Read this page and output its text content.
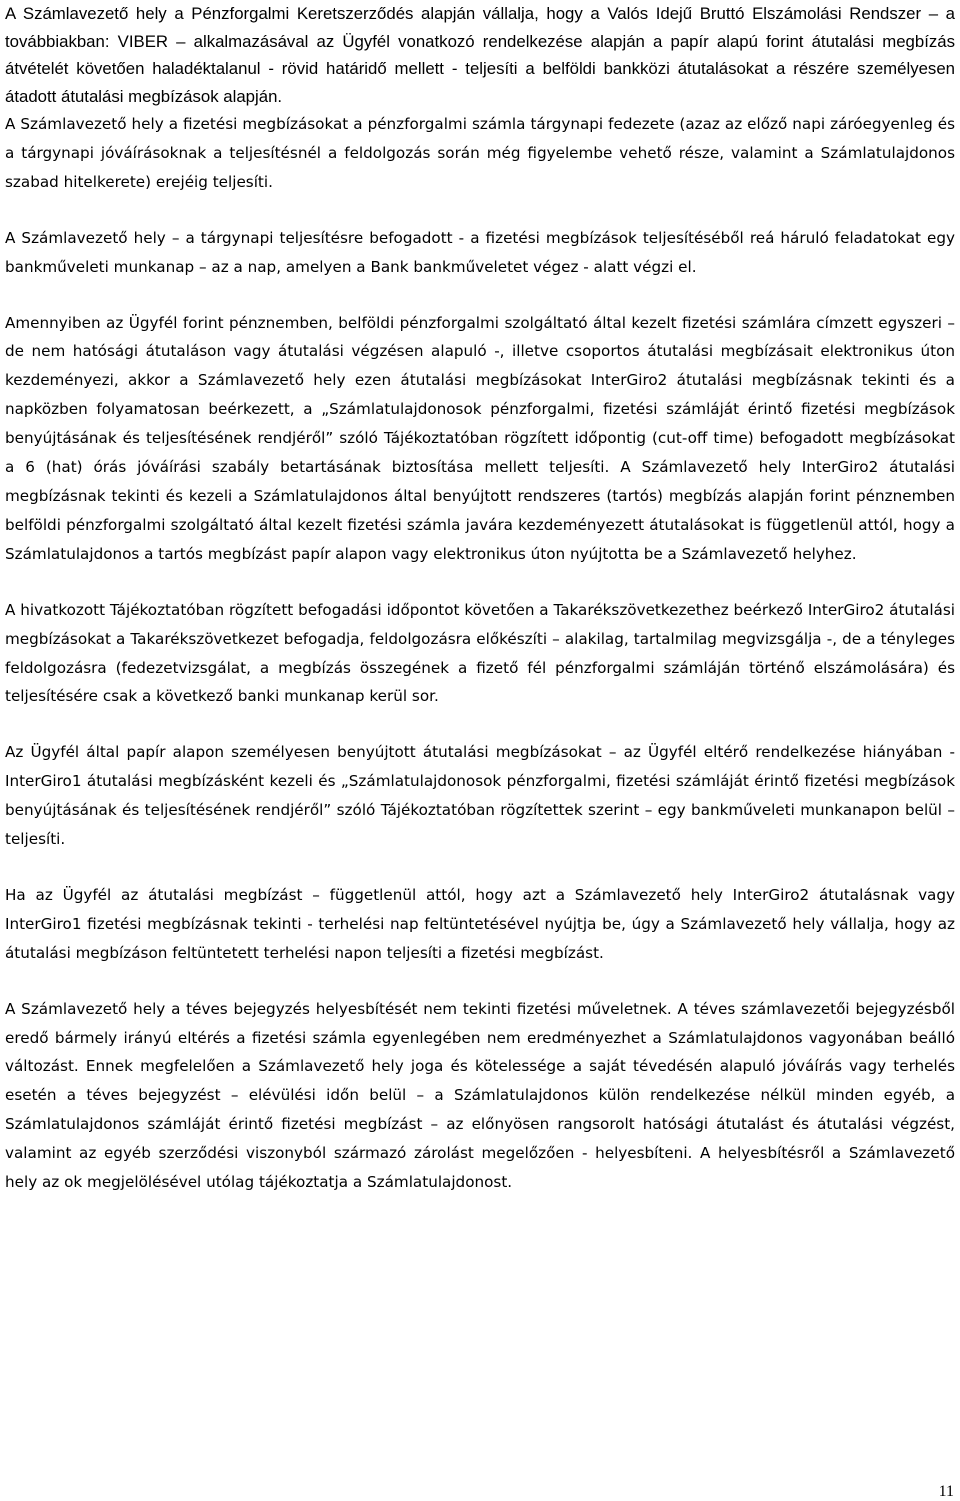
A Számlavezető hely a Pénzforgalmi Keretszerződés alapján vállalja, hogy a Valós Idejű Bruttó Elszámolási Rendszer – a továbbiakban: VIBER – alkalmazásával az Ügyfél vonatkozó rendelkezése alapján a papír alapú forint átutalási megbízás átvételét követően haladéktalanul - rövid határidő mellett - teljesíti a belföldi bankközi átutalásokat a részére személyesen átadott átutalási megbízások alapján.

A Számlavezető hely a fizetési megbízásokat a pénzforgalmi számla tárgynapi fedezete (azaz az előző napi záróegyenleg és a tárgynapi jóváírásoknak a teljesítésnél a feldolgozás során még figyelembe vehető része, valamint a Számlatulajdonos szabad hitelkerete) erejéig teljesíti.

A Számlavezető hely – a tárgynapi teljesítésre befogadott - a fizetési megbízások teljesítéséből reá háruló feladatokat egy bankműveleti munkanap – az a nap, amelyen a Bank bankműveletet végez - alatt végzi el.

Amennyiben az Ügyfél forint pénznemben, belföldi pénzforgalmi szolgáltató által kezelt fizetési számlára címzett egyszeri – de nem hatósági átutaláson vagy átutalási végzésen alapuló -, illetve csoportos átutalási megbízásait elektronikus úton kezdeményezi, akkor a Számlavezető hely ezen átutalási megbízásokat InterGiro2 átutalási megbízásnak tekinti és a napközben folyamatosan beérkezett, a „Számlatulajdonosok pénzforgalmi, fizetési számláját érintő fizetési megbízások benyújtásának és teljesítésének rendjéről” szóló Tájékoztatóban rögzített időpontig (cut-off time) befogadott megbízásokat a 6 (hat) órás jóváírási szabály betartásának biztosítása mellett teljesíti. A Számlavezető hely InterGiro2 átutalási megbízásnak tekinti és kezeli a Számlatulajdonos által benyújtott rendszeres (tartós) megbízás alapján forint pénznemben belföldi pénzforgalmi szolgáltató által kezelt fizetési számla javára kezdeményezett átutalásokat is függetlenül attól, hogy a Számlatulajdonos a tartós megbízást papír alapon vagy elektronikus úton nyújtotta be a Számlavezető helyhez.

A hivatkozott Tájékoztatóban rögzített befogadási időpontot követően a Takarékszövetkezethez beérkező InterGiro2 átutalási megbízásokat a Takarékszövetkezet befogadja, feldolgozásra előkészíti – alakilag, tartalmilag megvizsgálja -, de a tényleges feldolgozásra (fedezetvizsgálat, a megbízás összegének a fizető fél pénzforgalmi számláján történő elszámolására) és teljesítésére csak a következő banki munkanap kerül sor.

Az Ügyfél által papír alapon személyesen benyújtott átutalási megbízásokat – az Ügyfél eltérő rendelkezése hiányában - InterGiro1 átutalási megbízásként kezeli és „Számlatulajdonosok pénzforgalmi, fizetési számláját érintő fizetési megbízások benyújtásának és teljesítésének rendjéről” szóló Tájékoztatóban rögzítettek szerint – egy bankműveleti munkanapon belül – teljesíti.

Ha az Ügyfél az átutalási megbízást – függetlenül attól, hogy azt a Számlavezető hely InterGiro2 átutalásnak vagy InterGiro1 fizetési megbízásnak tekinti - terhelési nap feltüntetésével nyújtja be, úgy a Számlavezető hely vállalja, hogy az átutalási megbízáson feltüntetett terhelési napon teljesíti a fizetési megbízást.

A Számlavezető hely a téves bejegyzés helyesbítését nem tekinti fizetési műveletnek. A téves számlavezetői bejegyzésből eredő bármely irányú eltérés a fizetési számla egyenlegében nem eredményezhet a Számlatulajdonos vagyonában beálló változást. Ennek megfelelően a Számlavezető hely joga és kötelessége a saját tévedésén alapuló jóváírás vagy terhelés esetén a téves bejegyzést – elévülési időn belül – a Számlatulajdonos külön rendelkezése nélkül minden egyéb, a Számlatulajdonos számláját érintő fizetési megbízást – az előnyösen rangsorolt hatósági átutalást és átutalási végzést, valamint az egyéb szerződési viszonyból származó zárolást megelőzően - helyesbíteni. A helyesbítésről a Számlavezető hely az ok megjelölésével utólag tájékoztatja a Számlatulajdonost.

11
